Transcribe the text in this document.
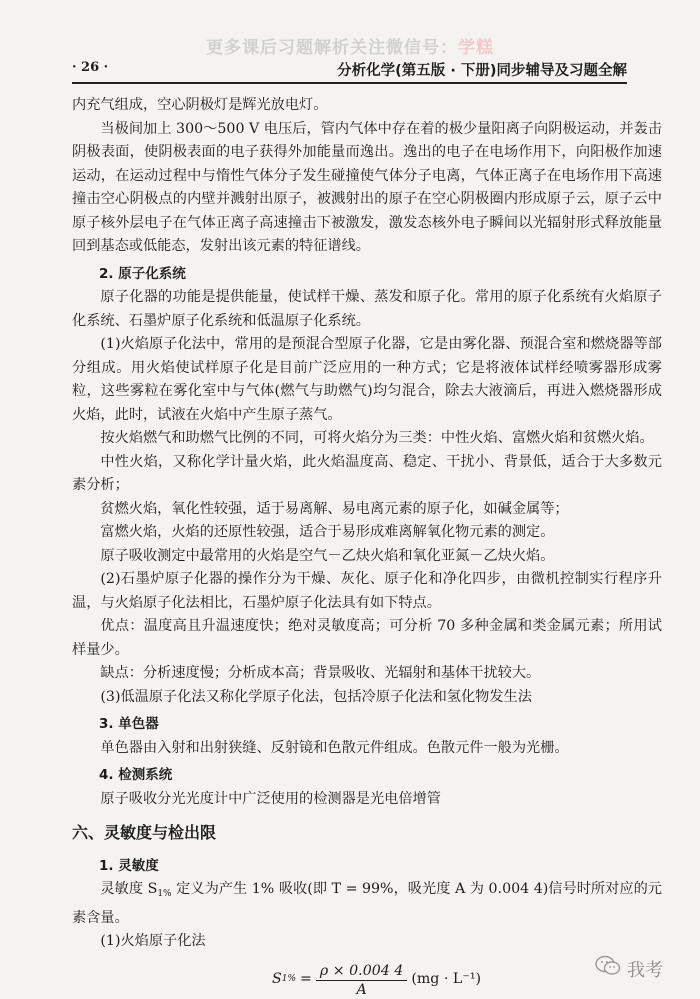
更多课后习题解析关注微信号：学糕
· 26 ·	分析化学(第五版 · 下册)同步辅导及习题全解

内充气组成，空心阴极灯是辉光放电灯。

当极间加上 300～500 V 电压后，管内气体中存在着的极少量阳离子向阴极运动，并轰击阴极表面，使阴极表面的电子获得外加能量而逸出。逸出的电子在电场作用下，向阳极作加速运动，在运动过程中与惰性气体分子发生碰撞使气体分子电离，气体正离子在电场作用下高速撞击空心阴极点的内壁并溅射出原子，被溅射出的原子在空心阴极圈内形成原子云，原子云中原子核外层电子在气体正离子高速撞击下被激发，激发态核外电子瞬间以光辐射形式释放能量回到基态或低能态，发射出该元素的特征谱线。

2. 原子化系统

原子化器的功能是提供能量，使试样干燥、蒸发和原子化。常用的原子化系统有火焰原子化系统、石墨炉原子化系统和低温原子化系统。

(1)火焰原子化法中，常用的是预混合型原子化器，它是由雾化器、预混合室和燃烧器等部分组成。用火焰使试样原子化是目前广泛应用的一种方式；它是将液体试样经喷雾器形成雾粒，这些雾粒在雾化室中与气体(燃气与助燃气)均匀混合，除去大液滴后，再进入燃烧器形成火焰，此时，试液在火焰中产生原子蒸气。

按火焰燃气和助燃气比例的不同，可将火焰分为三类：中性火焰、富燃火焰和贫燃火焰。

中性火焰，又称化学计量火焰，此火焰温度高、稳定、干扰小、背景低，适合于大多数元素分析；

贫燃火焰，氧化性较强，适于易离解、易电离元素的原子化，如碱金属等；

富燃火焰，火焰的还原性较强，适合于易形成难离解氧化物元素的测定。

原子吸收测定中最常用的火焰是空气－乙炔火焰和氧化亚氮－乙炔火焰。

(2)石墨炉原子化器的操作分为干燥、灰化、原子化和净化四步，由微机控制实行程序升温，与火焰原子化法相比，石墨炉原子化法具有如下特点。

优点：温度高且升温速度快；绝对灵敏度高；可分析 70 多种金属和类金属元素；所用试样量少。

缺点：分析速度慢；分析成本高；背景吸收、光辐射和基体干扰较大。

(3)低温原子化法又称化学原子化法，包括冷原子化法和氢化物发生法

3. 单色器

单色器由入射和出射狭缝、反射镜和色散元件组成。色散元件一般为光栅。

4. 检测系统

原子吸收分光光度计中广泛使用的检测器是光电倍增管

六、灵敏度与检出限

1. 灵敏度

灵敏度 $S_{1\%}$ 定义为产生 1% 吸收(即 T = 99%，吸光度 A 为 0.004 4)信号时所对应的元素含量。

(1)火焰原子化法

S $1\% = \frac{\rho \times 0.004 4}{A} (mg \cdot L^{-1})$	我考
